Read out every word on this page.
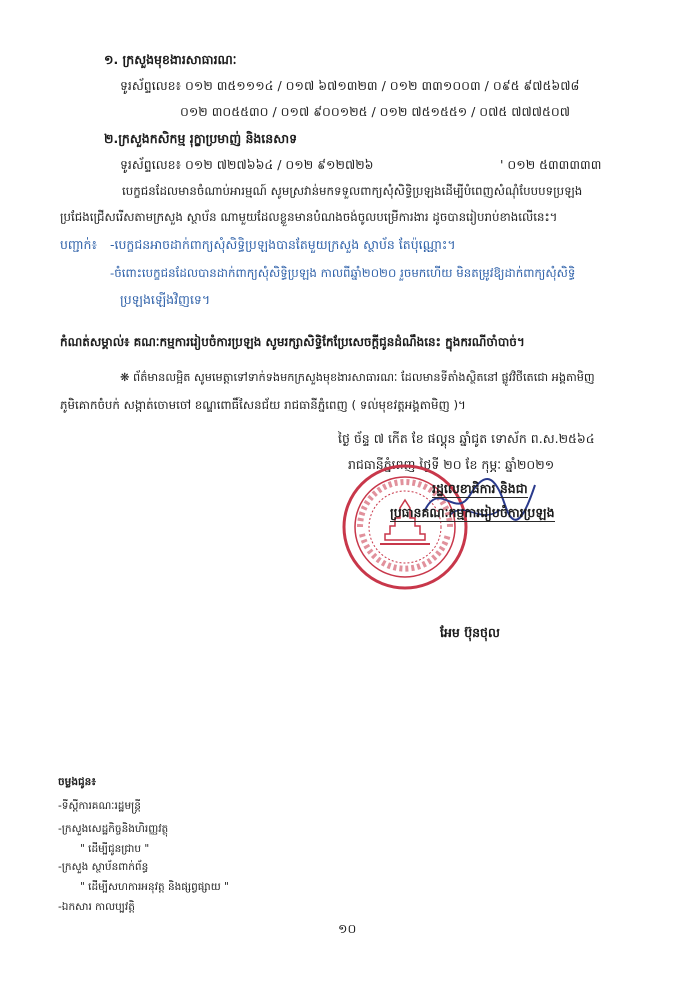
១. ក្រសួងមុខងារសាធារណៈ
ទូរស័ព្ទលេខ៖ ០១២ ៣៥១១១៤ / ០១៧ ៦៧១៣២៣ / ០១២ ៣៣១០០៣ / ០៩៥ ៩៧៥៦៧៨
០១២ ៣០៥៥៣០ / ០១៧ ៩០០១២៥ / ០១២ ៧៥១៥៥១ / ០៧៥ ៧៧៧៥០៧
២.ក្រសួងកសិកម្ម រុក្ខាប្រមាញ់ និងនេសាទ
ទូរស័ព្ទលេខ៖ ០១២ ៧២៧៦៦៤ / ០១២ ៩១២៧២៦	' ០១២ ៥៣៣៣៣៣
បេក្ខជនដែលមានចំណាប់អារម្មណ៍ សូមស្រវាន់មកទទួលពាក្យសុំសិទ្ធិប្រឡងដើម្បីបំពេញសំណុំបែបបទប្រឡង
ប្រជែងជ្រើសរើសតាមក្រសួង ស្ថាប័ន ណាមួយដែលខ្លួនមានបំណងចង់ចូលបម្រើការងារ ដូចបានរៀបរាប់ខាងលើនេះ។
បញ្ជាក់៖ -បេក្ខជនអាចដាក់ពាក្យសុំសិទ្ធិប្រឡងបានតែមួយក្រសួង ស្ថាប័ន តែប៉ុណ្ណោះ។
-ចំពោះបេក្ខជនដែលបានដាក់ពាក្យសុំសិទ្ធិប្រឡង កាលពីឆ្នាំ២០២០ រួចមកហើយ មិនតម្រូវឱ្យដាក់ពាក្យសុំសិទ្ធិ
ប្រឡងឡើងវិញទេ។
កំណត់សម្គាល់៖ គណៈកម្មការរៀបចំការប្រឡង សូមរក្សាសិទ្ធិកែប្រែសេចក្តីជូនដំណឹងនេះ ក្នុងករណីចាំបាច់។
❋ ព័ត៌មានលម្អិត សូមមេត្តាទៅទាក់ទងមកក្រសួងមុខងារសាធារណៈ ដែលមានទីតាំងស្ថិតនៅ ផ្លូវវិថីតេជោ អង្គតាមិញ
ភូមិគោកចំបក់ សង្កាត់ចោមចៅ ខណ្ឌពោធិ៍សែនជ័យ រាជធានីភ្នំពេញ ( ទល់មុខវត្តអង្គតាមិញ )។
ថ្ងៃ ច័ន្ទ ៧ កើត ខែ ផល្គុន ឆ្នាំជូត ទោស័ក ព.ស.២៥៦៤
រាជធានីភ្នំពេញ ថ្ងៃទី ២០ ខែ កុម្ភៈ ឆ្នាំ២០២១
រដ្ឋលេខាធិការ និងជា
ប្រធានគណៈកម្មការរៀបចំការប្រឡង
អែម ប៊ុនថុល
ចម្លងជូន៖
-ទីស្តីការគណៈរដ្ឋមន្ត្រី
-ក្រសួងសេដ្ឋកិច្ចនិងហិរញ្ញវត្ថុ
" ដើម្បីជូនជ្រាប "
-ក្រសួង ស្ថាប័នពាក់ព័ន្ធ
" ដើម្បីសហការអនុវត្ត និងផ្សព្វផ្សាយ "
-ឯកសារ កាលប្បវត្តិ
១០
